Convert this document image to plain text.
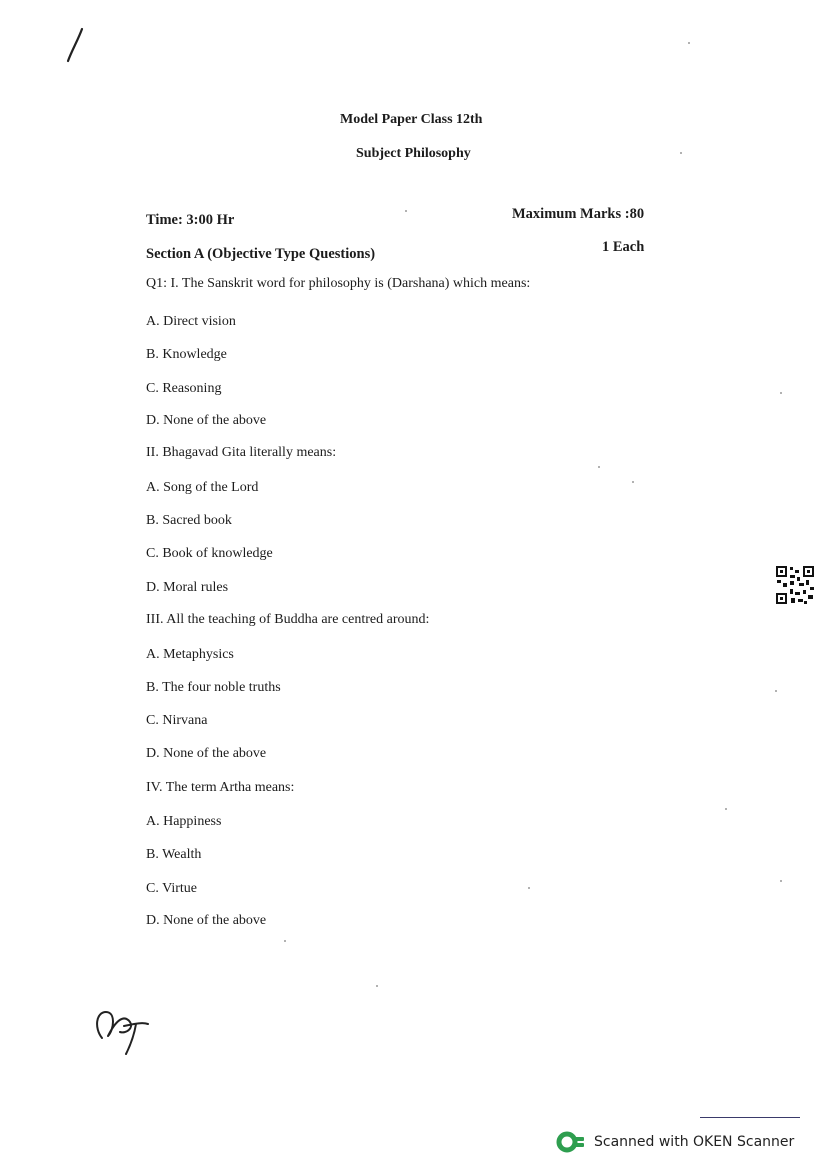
Model Paper Class 12th
Subject Philosophy
Time: 3:00 Hr	Maximum Marks :80
Section A (Objective Type Questions)	1 Each
Q1: I. The Sanskrit word for philosophy is (Darshana) which means:
A. Direct vision
B. Knowledge
C. Reasoning
D. None of the above
II. Bhagavad Gita literally means:
A. Song of the Lord
B. Sacred book
C. Book of knowledge
D. Moral rules
III. All the teaching of Buddha are centred around:
A. Metaphysics
B. The four noble truths
C. Nirvana
D. None of the above
IV. The term Artha means:
A. Happiness
B. Wealth
C. Virtue
D. None of the above
Scanned with OKEN Scanner
